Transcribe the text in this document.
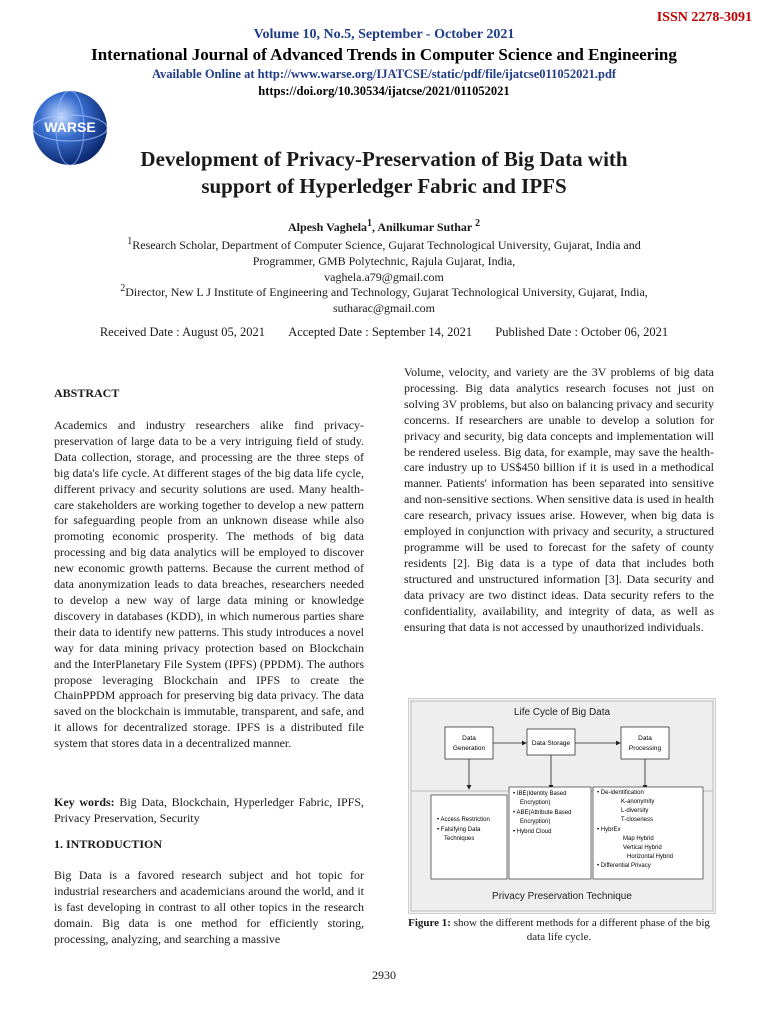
ISSN 2278-3091
Volume 10, No.5, September - October 2021
International Journal of Advanced Trends in Computer Science and Engineering
Available Online at http://www.warse.org/IJATCSE/static/pdf/file/ijatcse011052021.pdf
https://doi.org/10.30534/ijatcse/2021/011052021
WARSE
Development of Privacy-Preservation of Big Data with
support of Hyperledger Fabric and IPFS
Alpesh Vaghela$^1$, Anilkumar Suthar $^2$
$^1$Research Scholar, Department of Computer Science, Gujarat Technological University, Gujarat, India and
Programmer, GMB Polytechnic, Rajula Gujarat, India,
vaghela.a79@gmail.com
$^2$Director, New L J Institute of Engineering and Technology, Gujarat Technological University, Gujarat, India,
sutharac@gmail.com
Received Date : August 05, 2021 Accepted Date : September 14, 2021 Published Date : October 06, 2021
ABSTRACT
Academics and industry researchers alike find privacy-preservation of large data to be a very intriguing field of study. Data collection, storage, and processing are the three steps of big data's life cycle. At different stages of the big data life cycle, different privacy and security solutions are used. Many health-care stakeholders are working together to develop a new pattern for safeguarding people from an unknown disease while also promoting economic prosperity. The methods of big data processing and big data analytics will be employed to discover new economic growth patterns. Because the current method of data anonymization leads to data breaches, researchers needed to develop a new way of large data mining or knowledge discovery in databases (KDD), in which numerous parties share their data to identify new patterns. This study introduces a novel way for data mining privacy protection based on Blockchain and the InterPlanetary File System (IPFS) (PPDM). The authors propose leveraging Blockchain and IPFS to create the ChainPPDM approach for preserving big data privacy. The data saved on the blockchain is immutable, transparent, and safe, and it allows for decentralized storage. IPFS is a distributed file system that stores data in a decentralized manner.
Key words: Big Data, Blockchain, Hyperledger Fabric, IPFS, Privacy Preservation, Security
1. INTRODUCTION
Big Data is a favored research subject and hot topic for industrial researchers and academicians around the world, and it is fast developing in contrast to all other topics in the research domain. Big data is one method for efficiently storing, processing, analyzing, and searching a massive
Volume, velocity, and variety are the 3V problems of big data processing. Big data analytics research focuses not just on solving 3V problems, but also on balancing privacy and security concerns. If researchers are unable to develop a solution for privacy and security, big data concepts and implementation will be rendered useless. Big data, for example, may save the health-care industry up to US$450 billion if it is used in a methodical manner. Patients' information has been separated into sensitive and non-sensitive sections. When sensitive data is used in health care research, privacy issues arise. However, when big data is employed in conjunction with privacy and security, a structured programme will be used to forecast for the safety of county residents [2]. Big data is a type of data that includes both structured and unstructured information [3]. Data security and data privacy are two distinct ideas. Data security refers to the confidentiality, availability, and integrity of data, as well as ensuring that data is not accessed by unauthorized individuals.
Life Cycle of Big Data
Data
Generation
Data Storage
Data
Processing
• Access Restriction
• Falsifying Data
Techniques
• IBE(Identity Based
Encryption)
• ABE(Attribute Based
Encryption)
• Hybrid Cloud
• De-identification
K-anonymity
L-diversity
T-closeness
• HybrEx
Map Hybrid
Vertical Hybrid
Horizontal Hybrid
• Differential Privacy
Privacy Preservation Technique
Figure 1: show the different methods for a different phase of the big data life cycle.
2930
